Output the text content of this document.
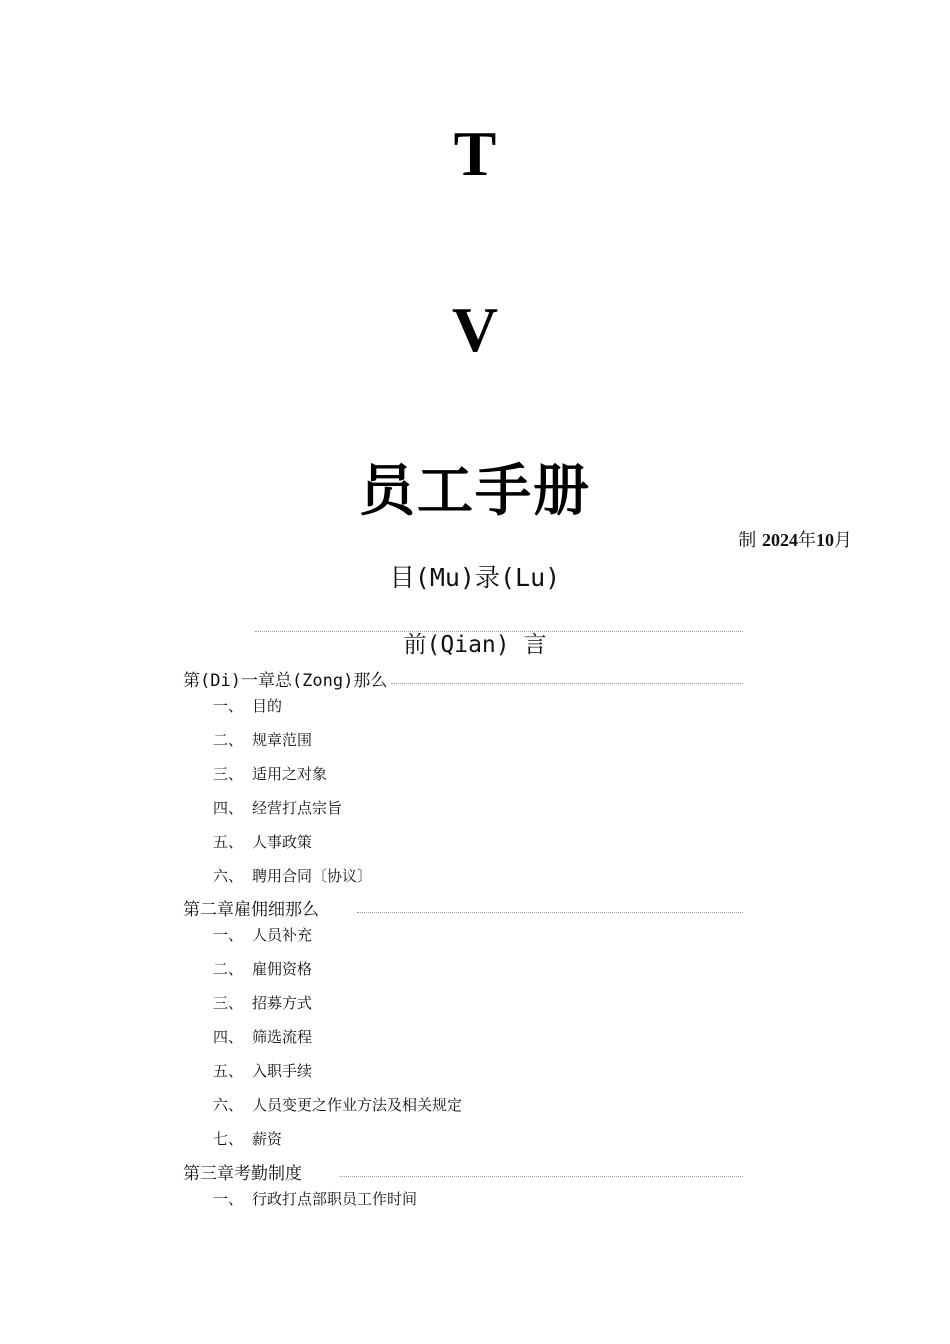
T
V
员工手册
制 2024年10月
目(Mu)录(Lu)
前(Qian) 言
第(Di)一章总(Zong)那么
一、 目的
二、 规章范围
三、 适用之对象
四、 经营打点宗旨
五、 人事政策
六、 聘用合同〔协议〕
第二章雇佣细那么
一、 人员补充
二、 雇佣资格
三、 招募方式
四、 筛选流程
五、 入职手续
六、 人员变更之作业方法及相关规定
七、 薪资
第三章考勤制度
一、 行政打点部职员工作时间
